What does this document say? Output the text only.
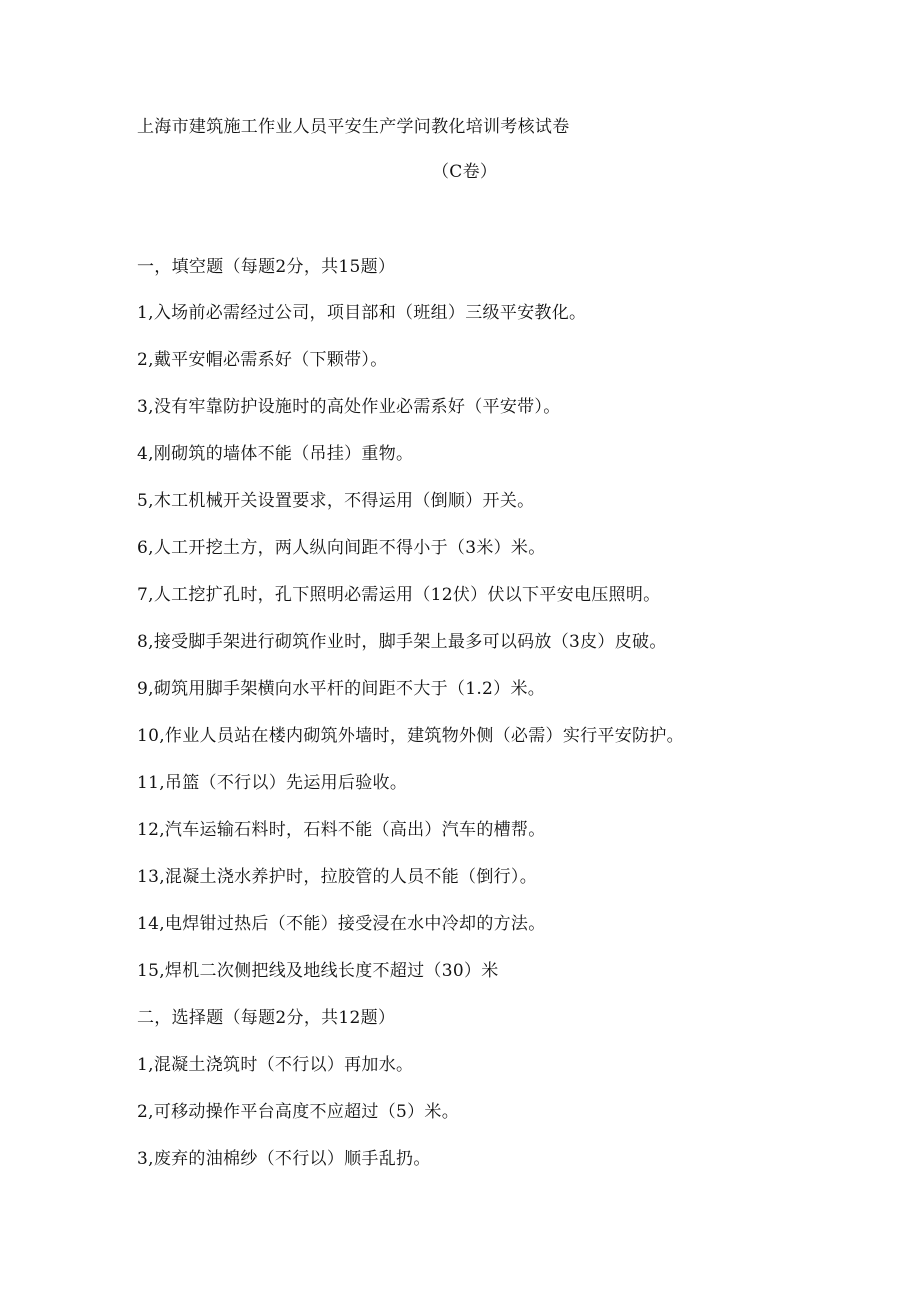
上海市建筑施工作业人员平安生产学问教化培训考核试卷
（C卷）
一，填空题（每题2分，共15题）
1,入场前必需经过公司，项目部和（班组）三级平安教化。
2,戴平安帽必需系好（下颗带）。
3,没有牢靠防护设施时的高处作业必需系好（平安带）。
4,刚砌筑的墙体不能（吊挂）重物。
5,木工机械开关设置要求，不得运用（倒顺）开关。
6,人工开挖土方，两人纵向间距不得小于（3米）米。
7,人工挖扩孔时，孔下照明必需运用（12伏）伏以下平安电压照明。
8,接受脚手架进行砌筑作业时，脚手架上最多可以码放（3皮）皮破。
9,砌筑用脚手架横向水平杆的间距不大于（1.2）米。
10,作业人员站在楼内砌筑外墙时，建筑物外侧（必需）实行平安防护。
11,吊篮（不行以）先运用后验收。
12,汽车运输石料时，石料不能（高出）汽车的槽帮。
13,混凝土浇水养护时，拉胶管的人员不能（倒行）。
14,电焊钳过热后（不能）接受浸在水中冷却的方法。
15,焊机二次侧把线及地线长度不超过（30）米
二，选择题（每题2分，共12题）
1,混凝土浇筑时（不行以）再加水。
2,可移动操作平台高度不应超过（5）米。
3,废弃的油棉纱（不行以）顺手乱扔。
